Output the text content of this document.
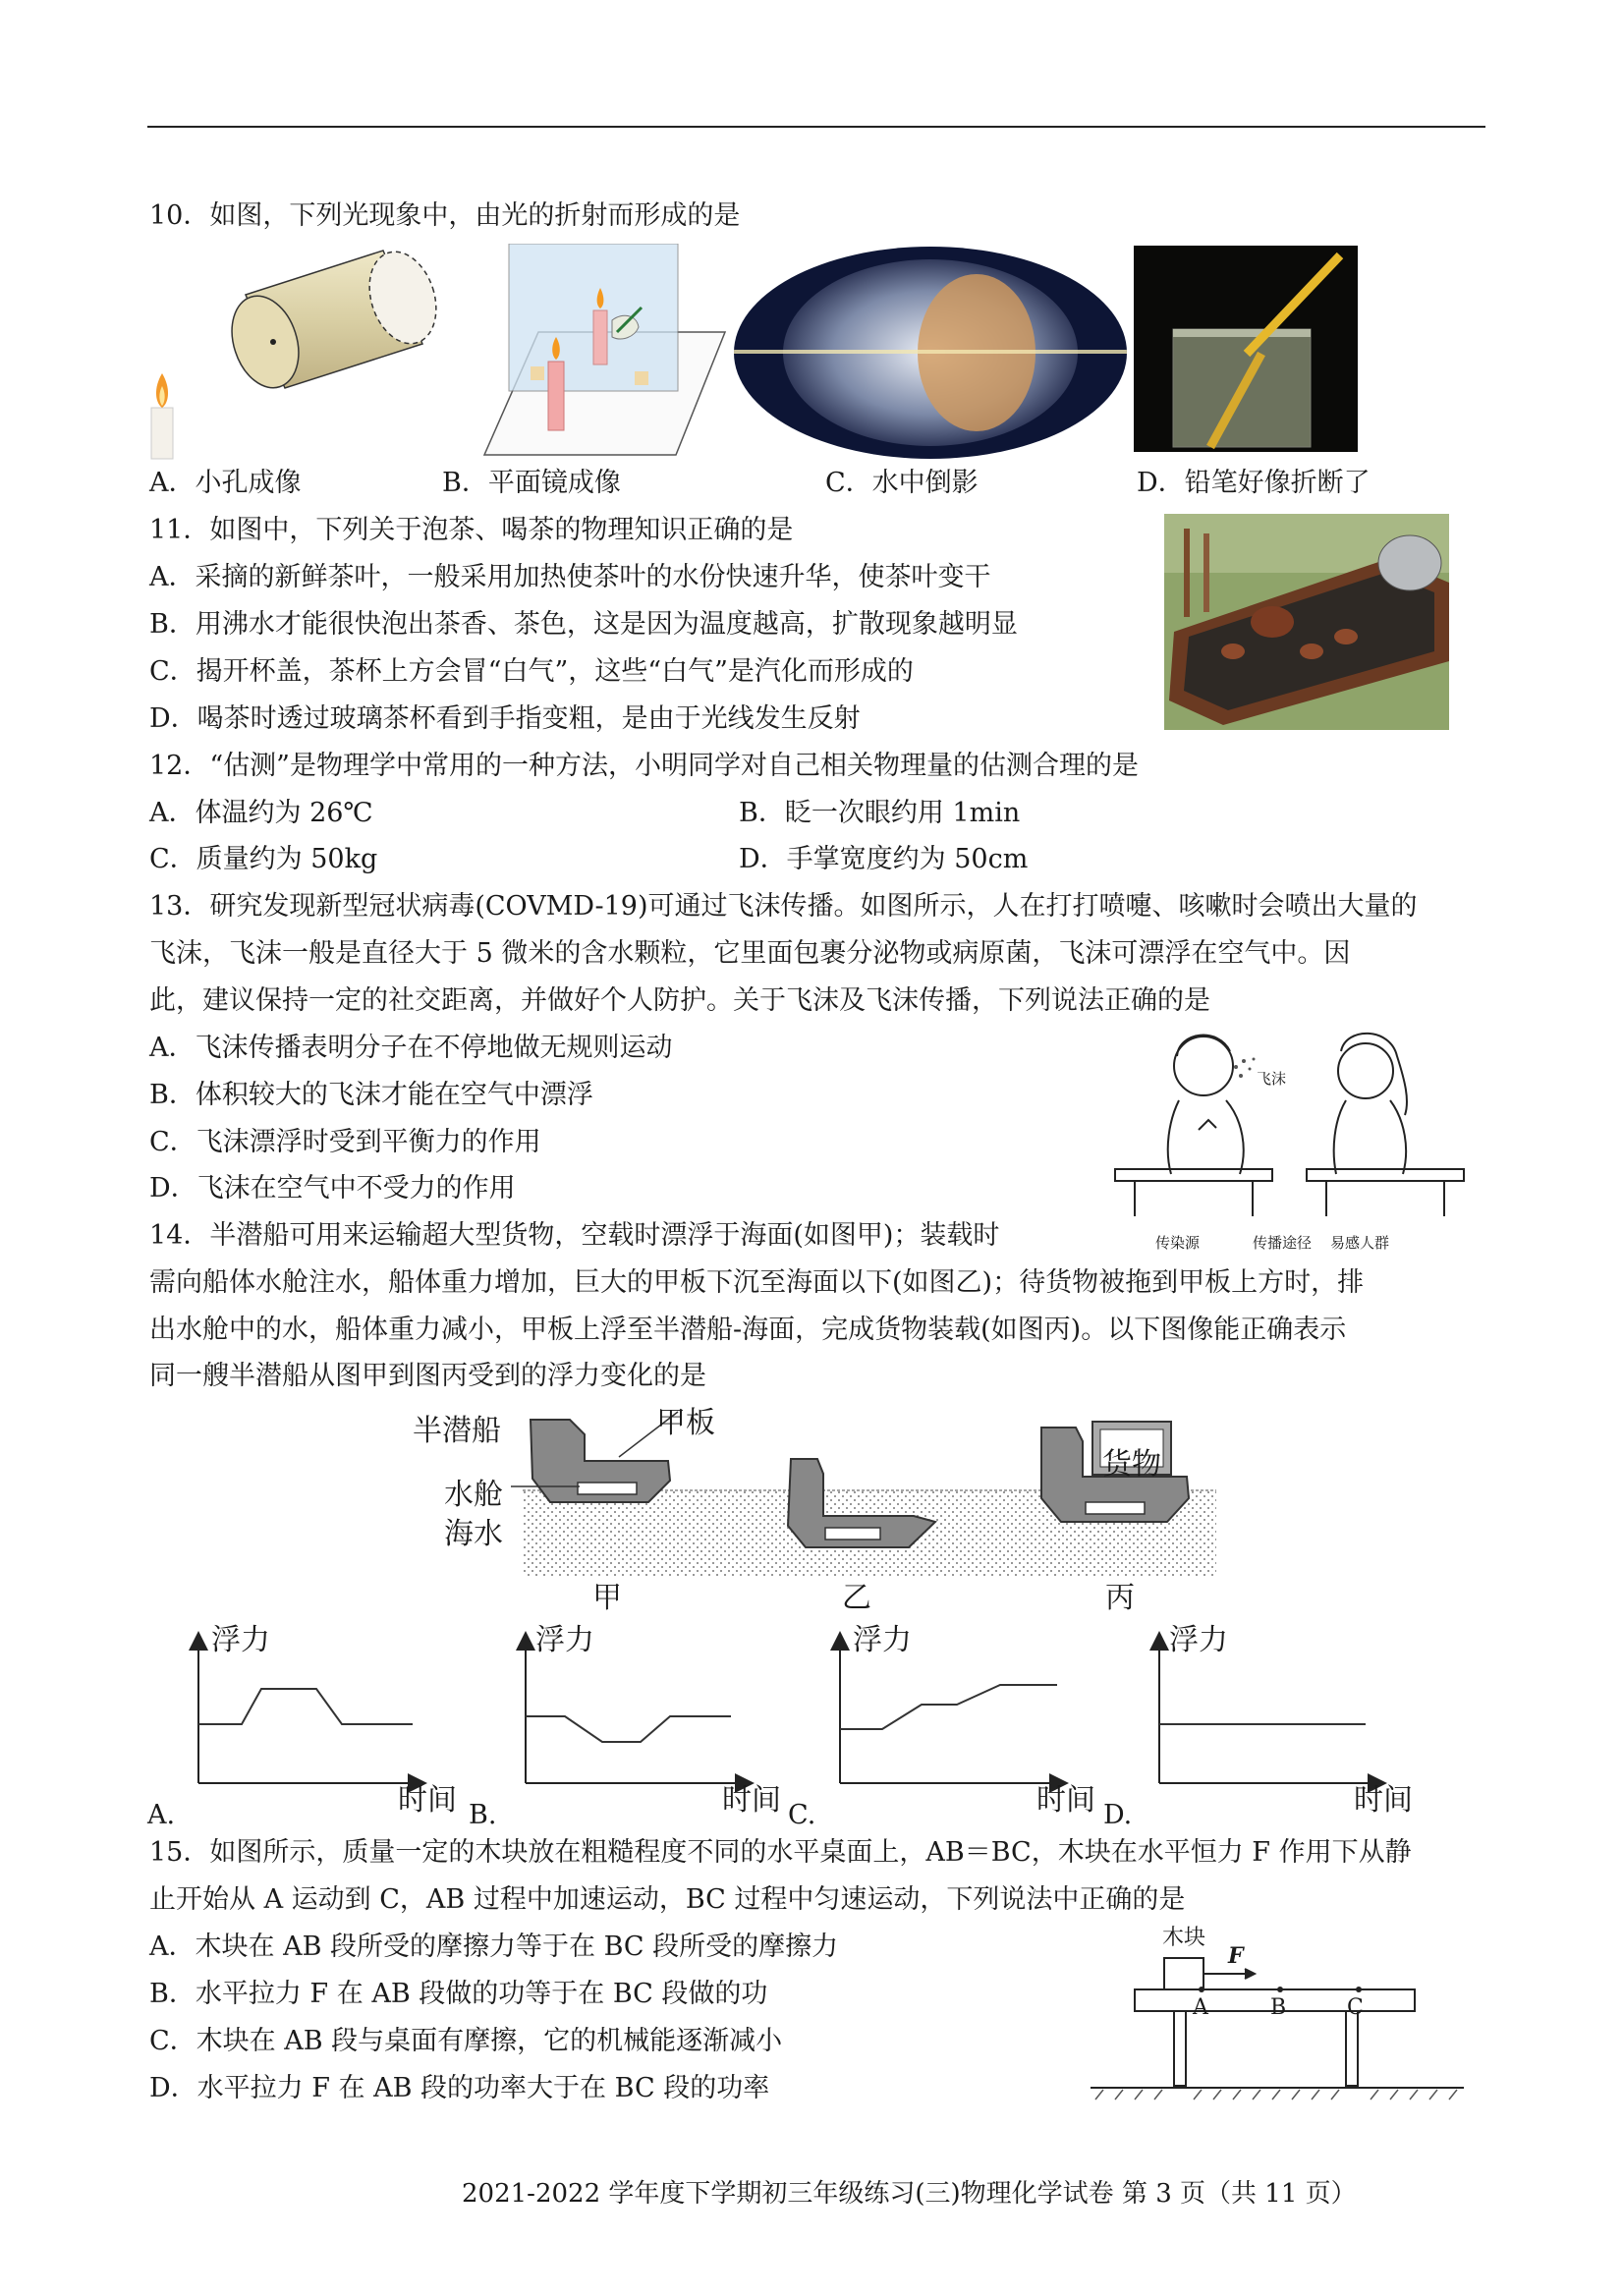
10．如图，下列光现象中，由光的折射而形成的是
A．小孔成像	B．平面镜成像	C．水中倒影	D．铅笔好像折断了
11．如图中，下列关于泡茶、喝茶的物理知识正确的是
A．采摘的新鲜茶叶，一般采用加热使茶叶的水份快速升华，使茶叶变干
B．用沸水才能很快泡出茶香、茶色，这是因为温度越高，扩散现象越明显
C．揭开杯盖，茶杯上方会冒“白气”，这些“白气”是汽化而形成的
D．喝茶时透过玻璃茶杯看到手指变粗，是由于光线发生反射
12．“估测”是物理学中常用的一种方法，小明同学对自己相关物理量的估测合理的是
A．体温约为 26℃	B．眨一次眼约用 1min
C．质量约为 50kg	D．手掌宽度约为 50cm
13．研究发现新型冠状病毒(COVMD-19)可通过飞沫传播。如图所示，人在打打喷嚏、咳嗽时会喷出大量的
飞沫，飞沫一般是直径大于 5 微米的含水颗粒，它里面包裹分泌物或病原菌，飞沫可漂浮在空气中。因
此，建议保持一定的社交距离，并做好个人防护。关于飞沫及飞沫传播，下列说法正确的是
A．飞沫传播表明分子在不停地做无规则运动
B．体积较大的飞沫才能在空气中漂浮
C．飞沫漂浮时受到平衡力的作用
D．飞沫在空气中不受力的作用
飞沫
传染源	传播途径 易感人群
14．半潜船可用来运输超大型货物，空载时漂浮于海面(如图甲)；装载时
需向船体水舱注水，船体重力增加，巨大的甲板下沉至海面以下(如图乙)；待货物被拖到甲板上方时，排
出水舱中的水，船体重力减小，甲板上浮至半潜船-海面，完成货物装载(如图丙)。以下图像能正确表示
同一艘半潜船从图甲到图丙受到的浮力变化的是
半潜船	甲板
水舱
海水
货物
甲	乙	丙
浮力	浮力	浮力	浮力
时间	时间	时间	时间
A.	B.	C.	D.
15．如图所示，质量一定的木块放在粗糙程度不同的水平桌面上，AB＝BC，木块在水平恒力 F 作用下从静
止开始从 A 运动到 C，AB 过程中加速运动，BC 过程中匀速运动，下列说法中正确的是
A．木块在 AB 段所受的摩擦力等于在 BC 段所受的摩擦力
B．水平拉力 F 在 AB 段做的功等于在 BC 段做的功
C．木块在 AB 段与桌面有摩擦，它的机械能逐渐减小
D．水平拉力 F 在 AB 段的功率大于在 BC 段的功率
木块
F
A	B	C
2021-2022 学年度下学期初三年级练习(三)物理化学试卷 第 3 页（共 11 页）
